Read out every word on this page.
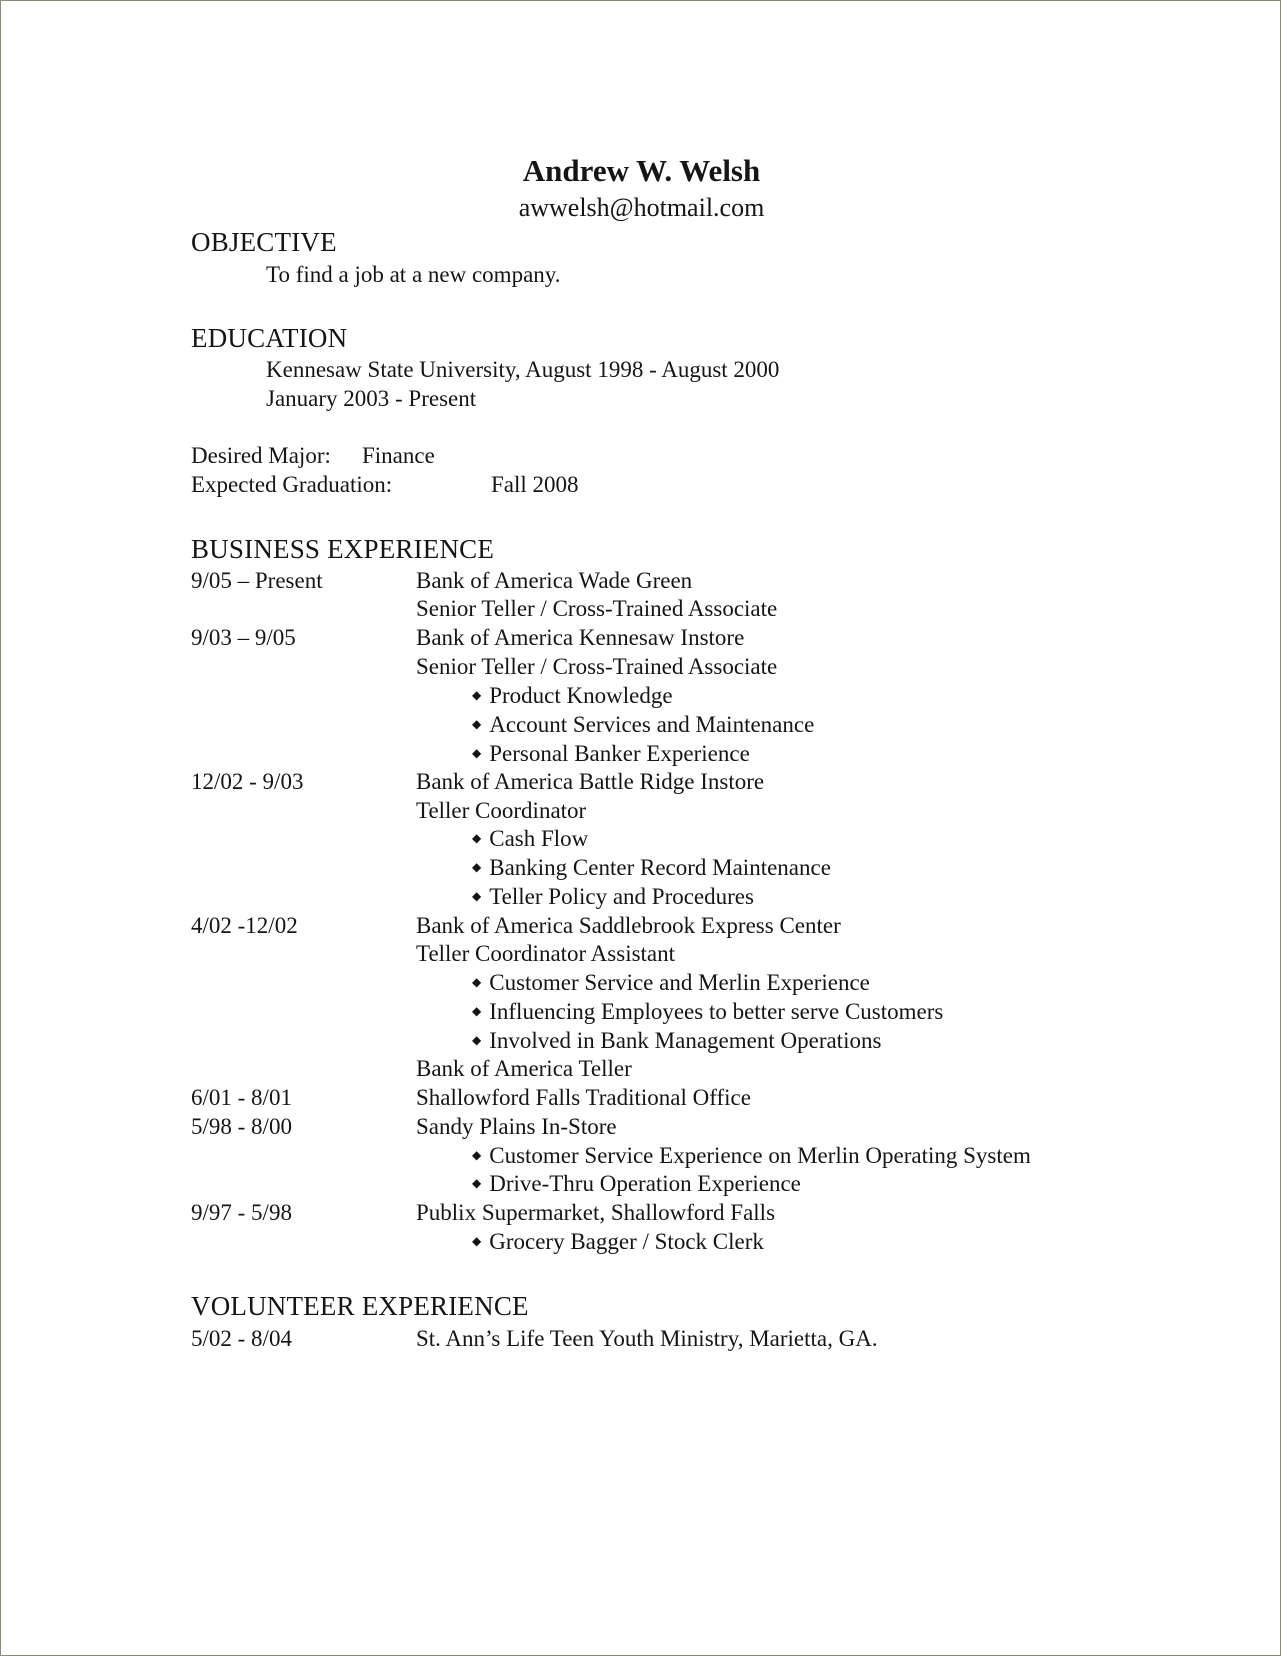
Andrew W. Welsh
awwelsh@hotmail.com
OBJECTIVE
To find a job at a new company.
EDUCATION
Kennesaw State University, August 1998 - August 2000
January 2003 - Present
Desired Major: Finance
Expected Graduation:	Fall 2008
BUSINESS EXPERIENCE
9/05 – Present	Bank of America Wade Green
Senior Teller / Cross-Trained Associate
9/03 – 9/05	Bank of America Kennesaw Instore
Senior Teller / Cross-Trained Associate
◆ Product Knowledge
◆ Account Services and Maintenance
◆ Personal Banker Experience
12/02 - 9/03	Bank of America Battle Ridge Instore
Teller Coordinator
◆ Cash Flow
◆ Banking Center Record Maintenance
◆ Teller Policy and Procedures
4/02 -12/02	Bank of America Saddlebrook Express Center
Teller Coordinator Assistant
◆ Customer Service and Merlin Experience
◆ Influencing Employees to better serve Customers
◆ Involved in Bank Management Operations
Bank of America Teller
6/01 - 8/01	Shallowford Falls Traditional Office
5/98 - 8/00	Sandy Plains In-Store
◆ Customer Service Experience on Merlin Operating System
◆ Drive-Thru Operation Experience
9/97 - 5/98	Publix Supermarket, Shallowford Falls
◆ Grocery Bagger / Stock Clerk
VOLUNTEER EXPERIENCE
5/02 - 8/04	St. Ann’s Life Teen Youth Ministry, Marietta, GA.
